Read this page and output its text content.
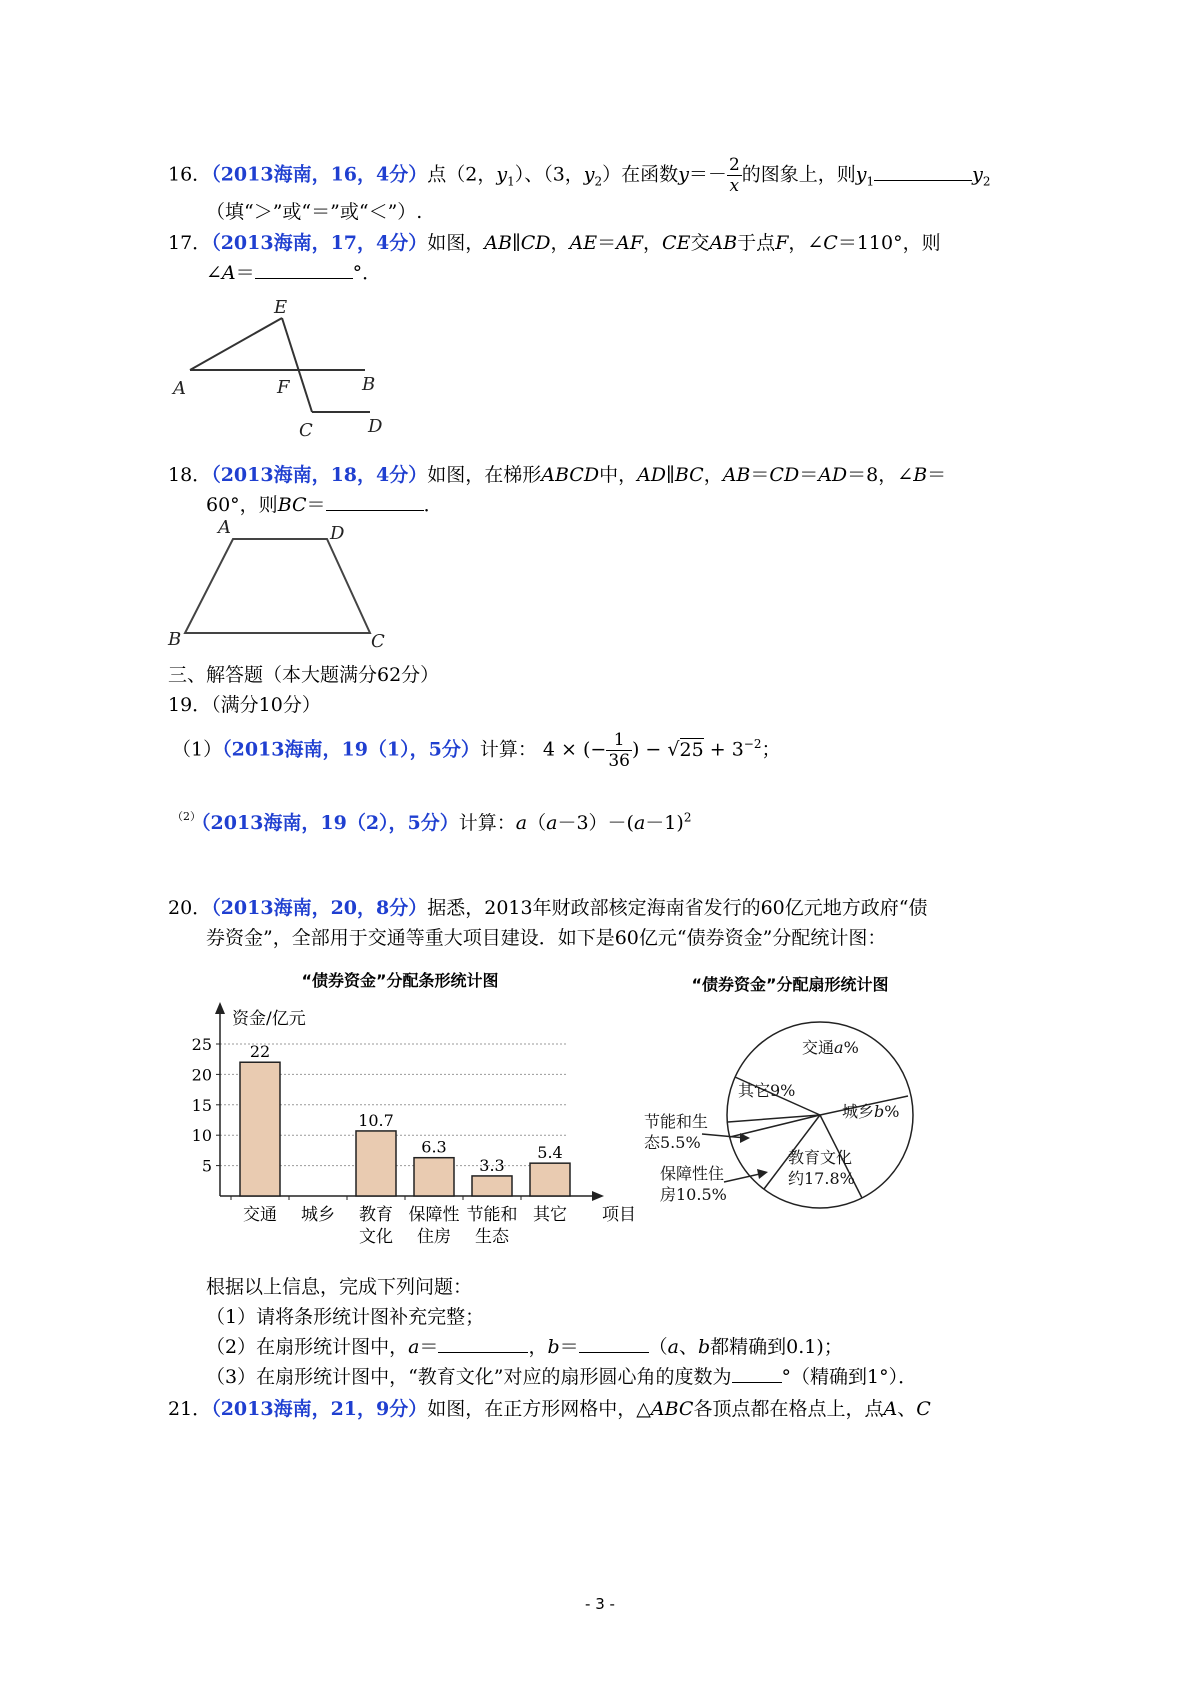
16．（2013海南，16，4分）点（2，$y_1$）、（3，$y_2$）在函数$y=- \frac{2}{x}$ 的图象上，则$y_1$	$y_2$
（填“＞”或“＝”或“＜”）.
17．（2013海南，17，4分）如图，AB∥CD，AE＝AF，CE交AB于点F，∠C＝110°，则
∠A＝	°．
E
A	F	B
C	D
18．（2013海南，18，4分）如图，在梯形ABCD中，AD∥BC，AB＝CD＝AD＝8，∠B＝
60°，则BC＝	．
A	D
B	C
三、解答题（本大题满分62分）
19．（满分10分）
（1）（2013海南，19（1），5分）计算： 4 × (− $\frac{1}{36}$ ) − $√25 + 3^{-2}$；
$^{(2)}$（2013海南，19（2），5分）计算：$a(a-3)-(a-1)^2$
20．（2013海南，20，8分）据悉，2013年财政部核定海南省发行的60亿元地方政府“债
券资金”，全部用于交通等重大项目建设．如下是60亿元“债券资金”分配统计图：
“债券资金”分配条形统计图
资金/亿元
5
10
15
20
25 22
10.7
6.3
3.3
5.4
交通 城乡 教育
文化
保障性
住房
节能和
生态
其它 项目
“债券资金”分配扇形统计图
交通a%
城乡b%
教育文化
约17.8%
其它9%
节能和生
态5.5%
保障性住
房10.5%
根据以上信息，完成下列问题：
（1）请将条形统计图补充完整；
（2）在扇形统计图中，a＝	，b＝	（a、b都精确到0.1)；
（3）在扇形统计图中，“教育文化”对应的扇形圆心角的度数为	°（精确到1°）．
21．（2013海南，21，9分）如图，在正方形网格中，△ABC各顶点都在格点上，点A、C
- 3 -
